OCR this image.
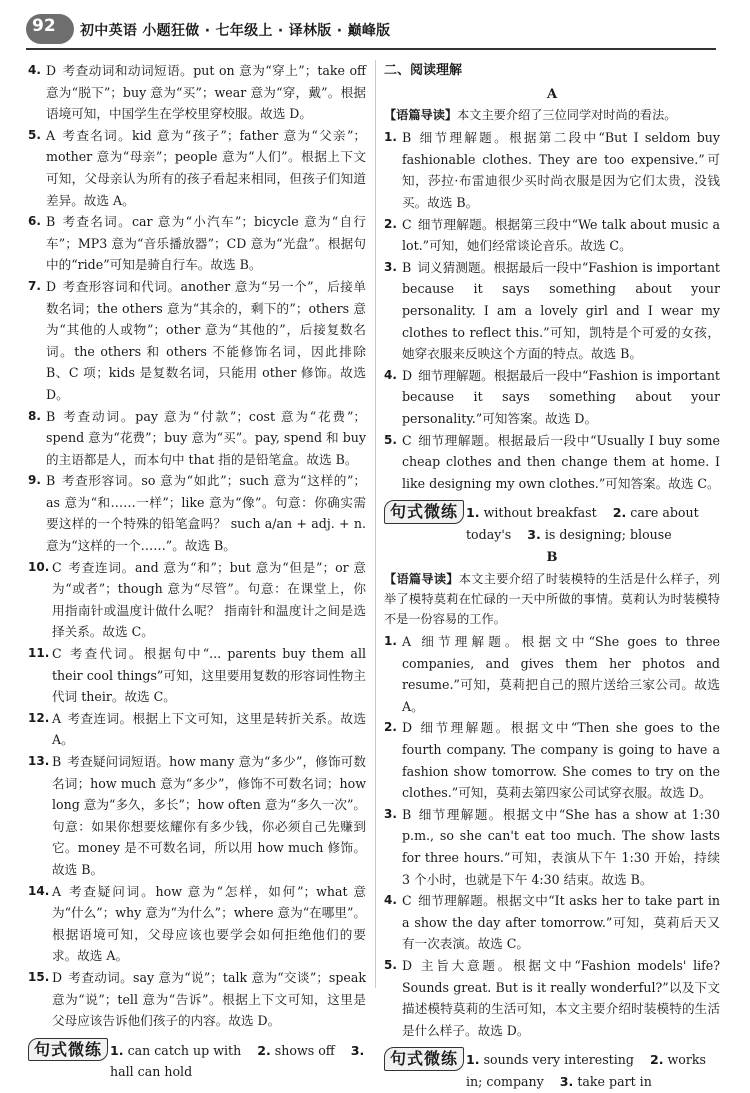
92 初中英语 小题狂做 · 七年级上 · 译林版 · 巅峰版

4. D 考查动词和动词短语。put on 意为“穿上”；take off 意为“脱下”；buy 意为“买”；wear 意为“穿，戴”。根据语境可知，中国学生在学校里穿校服。故选 D。

5. A 考查名词。kid 意为“孩子”；father 意为“父亲”；mother 意为“母亲”；people 意为“人们”。根据上下文可知，父母亲认为所有的孩子看起来相同，但孩子们知道差异。故选 A。

6. B 考查名词。car 意为“小汽车”；bicycle 意为“自行车”；MP3 意为“音乐播放器”；CD 意为“光盘”。根据句中的“ride”可知是骑自行车。故选 B。

7. D 考查形容词和代词。another 意为“另一个”，后接单数名词；the others 意为“其余的，剩下的”；others 意为“其他的人或物”；other 意为“其他的”，后接复数名词。the others 和 others 不能修饰名词，因此排除 B、C 项；kids 是复数名词，只能用 other 修饰。故选 D。

8. B 考查动词。pay 意为“付款”；cost 意为“花费”；spend 意为“花费”；buy 意为“买”。pay, spend 和 buy 的主语都是人，而本句中 that 指的是铅笔盒。故选 B。

9. B 考查形容词。so 意为“如此”；such 意为“这样的”；as 意为“和……一样”；like 意为“像”。句意：你确实需要这样的一个特殊的铅笔盒吗？ such a/an + adj. + n. 意为“这样的一个……”。故选 B。

10. C 考查连词。and 意为“和”；but 意为“但是”；or 意为“或者”；though 意为“尽管”。句意：在课堂上，你用指南针或温度计做什么呢？ 指南针和温度计之间是选择关系。故选 C。

11. C 考查代词。根据句中“... parents buy them all their cool things”可知，这里要用复数的形容词性物主代词 their。故选 C。

12. A 考查连词。根据上下文可知，这里是转折关系。故选 A。

13. B 考查疑问词短语。how many 意为“多少”，修饰可数名词；how much 意为“多少”，修饰不可数名词；how long 意为“多久，多长”；how often 意为“多久一次”。句意：如果你想要炫耀你有多少钱，你必须自己先赚到它。money 是不可数名词，所以用 how much 修饰。故选 B。

14. A 考查疑问词。how 意为“怎样，如何”；what 意为“什么”；why 意为“为什么”；where 意为“在哪里”。根据语境可知，父母应该也要学会如何拒绝他们的要求。故选 A。

15. D 考查动词。say 意为“说”；talk 意为“交谈”；speak 意为“说”；tell 意为“告诉”。根据上下文可知，这里是父母应该告诉他们孩子的内容。故选 D。

句式微练 1. can catch up with 2. shows off 3. hall can hold
二、阅读理解
A

【语篇导读】本文主要介绍了三位同学对时尚的看法。

1. B 细节理解题。根据第二段中“But I seldom buy fashionable clothes. They are too expensive.”可知，莎拉·布雷迪很少买时尚衣服是因为它们太贵，没钱买。故选 B。

2. C 细节理解题。根据第三段中“We talk about music a lot.”可知，她们经常谈论音乐。故选 C。

3. B 词义猜测题。根据最后一段中“Fashion is important because it says something about your personality. I am a lovely girl and I wear my clothes to reflect this.”可知，凯特是个可爱的女孩，她穿衣服来反映这个方面的特点。故选 B。

4. D 细节理解题。根据最后一段中“Fashion is important because it says something about your personality.”可知答案。故选 D。

5. C 细节理解题。根据最后一段中“Usually I buy some cheap clothes and then change them at home. I like designing my own clothes.”可知答案。故选 C。

句式微练 1. without breakfast 2. care about today's 3. is designing; blouse
B

【语篇导读】本文主要介绍了时装模特的生活是什么样子，列举了模特莫莉在忙碌的一天中所做的事情。莫莉认为时装模特不是一份容易的工作。

1. A 细节理解题。根据文中“She goes to three companies, and gives them her photos and resume.”可知，莫莉把自己的照片送给三家公司。故选 A。

2. D 细节理解题。根据文中“Then she goes to the fourth company. The company is going to have a fashion show tomorrow. She comes to try on the clothes.”可知，莫莉去第四家公司试穿衣服。故选 D。

3. B 细节理解题。根据文中“She has a show at 1:30 p.m., so she can't eat too much. The show lasts for three hours.”可知，表演从下午 1:30 开始，持续 3 个小时，也就是下午 4:30 结束。故选 B。

4. C 细节理解题。根据文中“It asks her to take part in a show the day after tomorrow.”可知，莫莉后天又有一次表演。故选 C。

5. D 主旨大意题。根据文中“Fashion models' life? Sounds great. But is it really wonderful?”以及下文描述模特莫莉的生活可知，本文主要介绍时装模特的生活是什么样子。故选 D。

句式微练 1. sounds very interesting 2. works in; company 3. take part in
